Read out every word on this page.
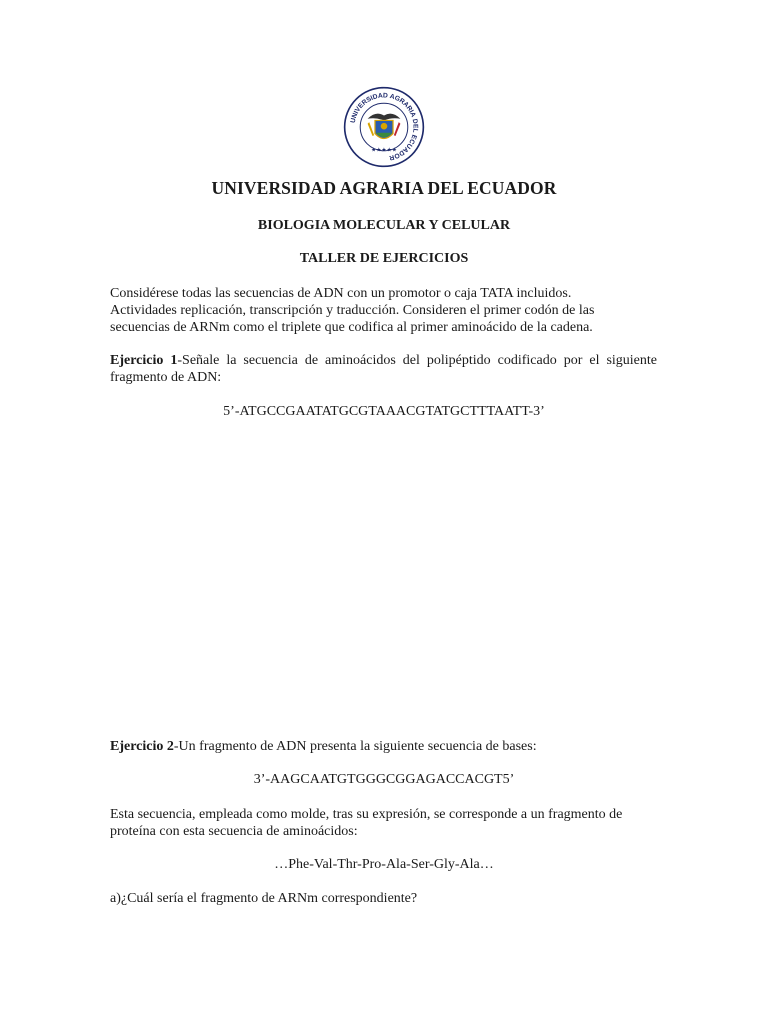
UNIVERSIDAD AGRARIA DEL ECUADOR
★★★★★
UNIVERSIDAD AGRARIA DEL ECUADOR
BIOLOGIA MOLECULAR Y CELULAR
TALLER DE EJERCICIOS
Considérese todas las secuencias de ADN con un promotor o caja TATA incluidos.
Actividades replicación, transcripción y traducción. Consideren el primer codón de las
secuencias de ARNm como el triplete que codifica al primer aminoácido de la cadena.
Ejercicio 1-Señale la secuencia de aminoácidos del polipéptido codificado por el siguiente fragmento de ADN:
5’-ATGCCGAATATGCGTAAACGTATGCTTTAATT-3’
Ejercicio 2-Un fragmento de ADN presenta la siguiente secuencia de bases:
3’-AAGCAATGTGGGCGGAGACCACGT5’
Esta secuencia, empleada como molde, tras su expresión, se corresponde a un fragmento de proteína con esta secuencia de aminoácidos:
…Phe-Val-Thr-Pro-Ala-Ser-Gly-Ala…
a)¿Cuál sería el fragmento de ARNm correspondiente?
